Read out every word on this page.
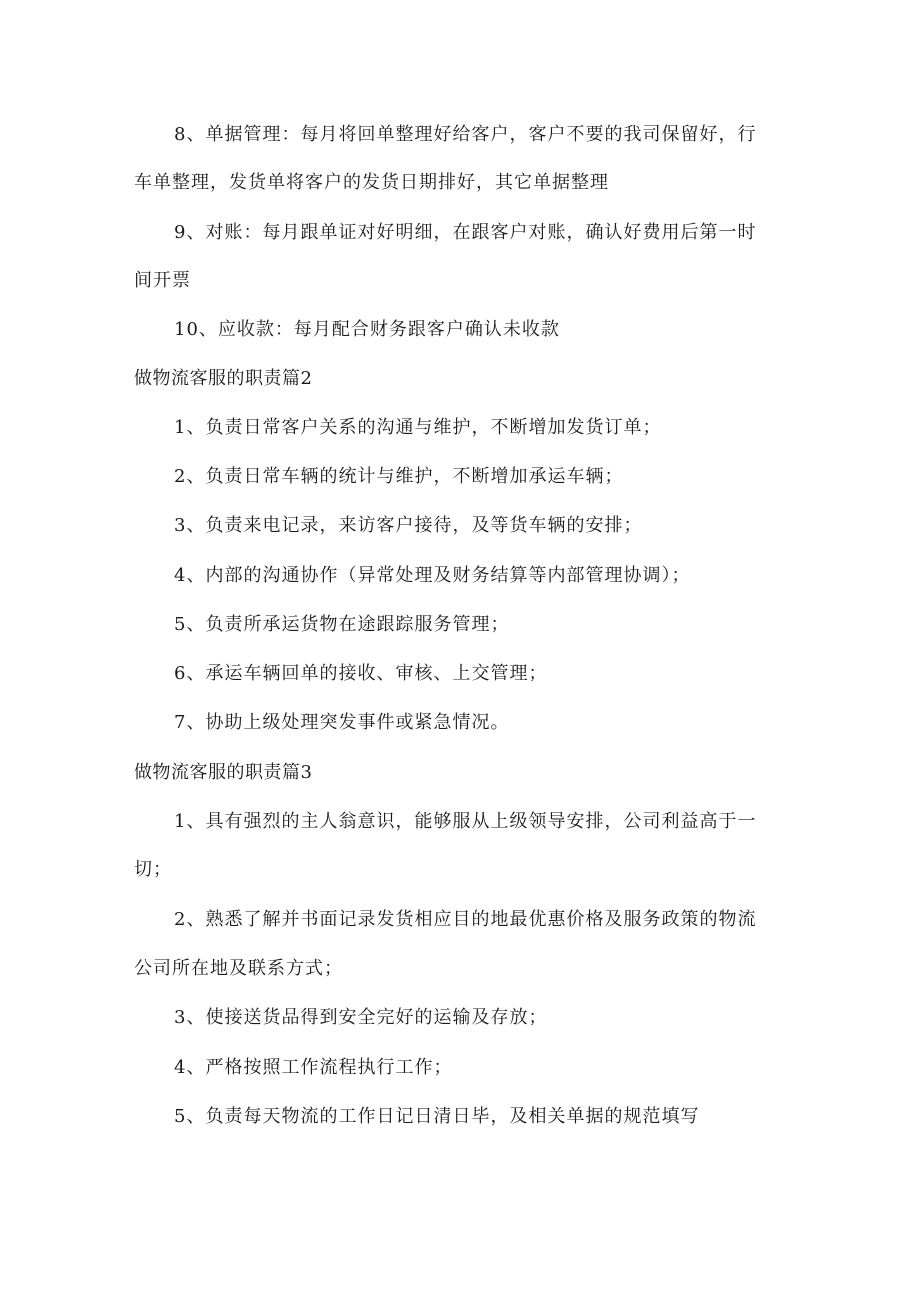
8、单据管理：每月将回单整理好给客户，客户不要的我司保留好，行
车单整理，发货单将客户的发货日期排好，其它单据整理
9、对账：每月跟单证对好明细，在跟客户对账，确认好费用后第一时
间开票
10、应收款：每月配合财务跟客户确认未收款
做物流客服的职责篇2
1、负责日常客户关系的沟通与维护，不断增加发货订单；
2、负责日常车辆的统计与维护，不断增加承运车辆；
3、负责来电记录，来访客户接待，及等货车辆的安排；
4、内部的沟通协作（异常处理及财务结算等内部管理协调）；
5、负责所承运货物在途跟踪服务管理；
6、承运车辆回单的接收、审核、上交管理；
7、协助上级处理突发事件或紧急情况。
做物流客服的职责篇3
1、具有强烈的主人翁意识，能够服从上级领导安排，公司利益高于一
切；
2、熟悉了解并书面记录发货相应目的地最优惠价格及服务政策的物流
公司所在地及联系方式；
3、使接送货品得到安全完好的运输及存放；
4、严格按照工作流程执行工作；
5、负责每天物流的工作日记日清日毕，及相关单据的规范填写
